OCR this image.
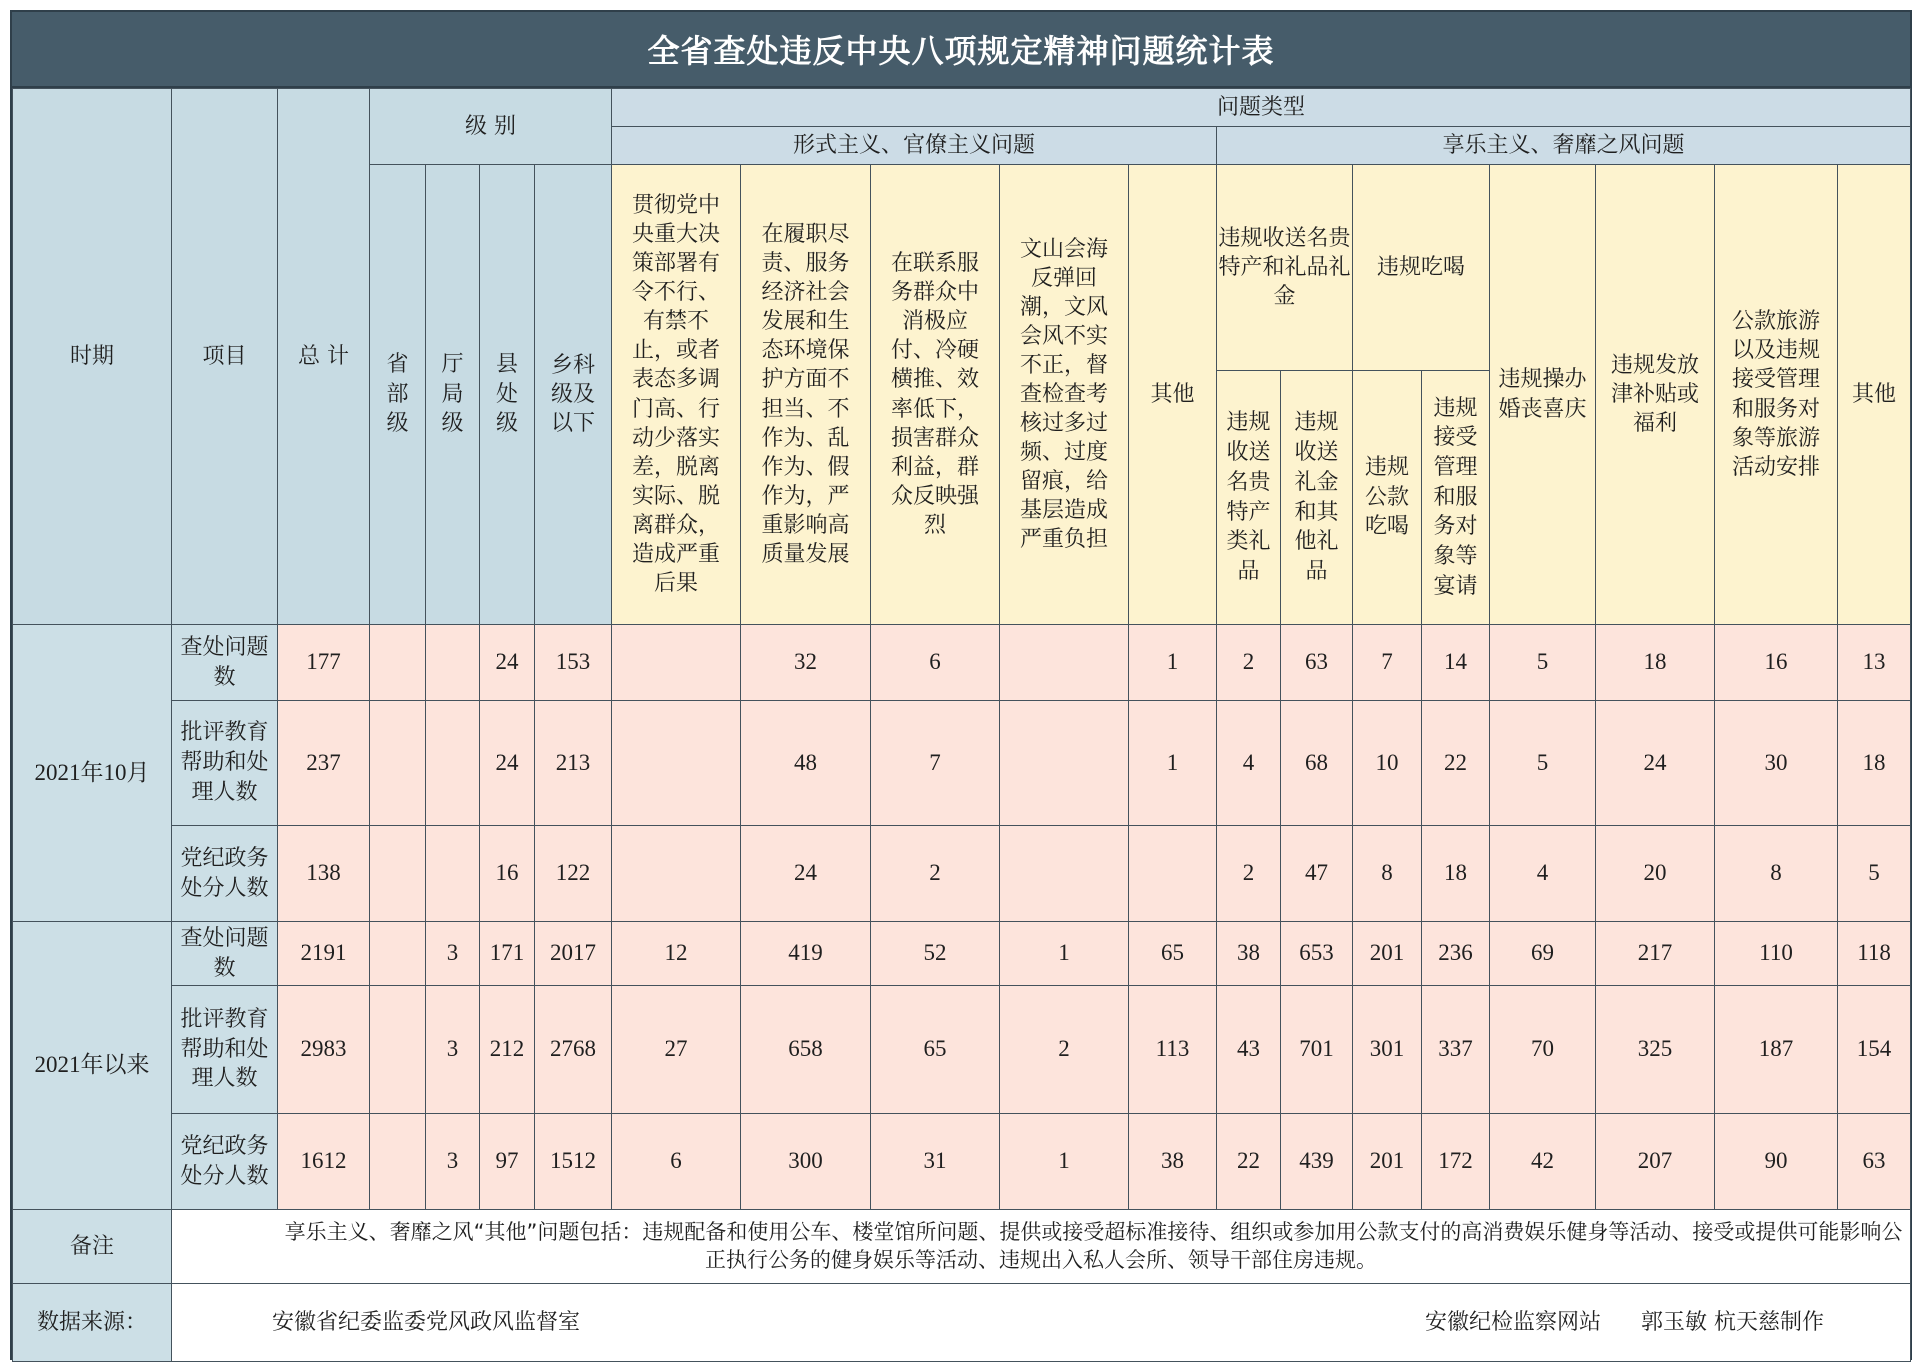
全省查处违反中央八项规定精神问题统计表
时期	项目	总 计	级 别				问题类型												
							形式主义、官僚主义问题					享乐主义、奢靡之风问题							
			省部级	厅局级	县处级	乡科级及以下	贯彻党中央重大决策部署有令不行、有禁不止，或者表态多调门高、行动少落实差，脱离实际、脱离群众，造成严重后果	在履职尽责、服务经济社会发展和生态环境保护方面不担当、不作为、乱作为、假作为，严重影响高质量发展	在联系服务群众中消极应付、冷硬横推、效率低下，损害群众利益，群众反映强烈	文山会海反弹回潮，文风会风不实不正，督查检查考核过多过频、过度留痕，给基层造成严重负担	其他	违规收送名贵特产和礼品礼金		违规吃喝		违规操办婚丧喜庆	违规发放津补贴或福利	公款旅游以及违规接受管理和服务对象等旅游活动安排	其他
												违规收送名贵特产类礼品	违规收送礼金和其他礼品	违规公款吃喝	违规接受管理和服务对象等宴请				
2021年10月	查处问题数	177			24	153		32	6		1	2	63	7	14	5	18	16	13
	批评教育帮助和处理人数	237			24	213		48	7		1	4	68	10	22	5	24	30	18
	党纪政务处分人数	138			16	122		24	2			2	47	8	18	4	20	8	5
2021年以来	查处问题数	2191		3	171	2017	12	419	52	1	65	38	653	201	236	69	217	110	118
	批评教育帮助和处理人数	2983		3	212	2768	27	658	65	2	113	43	701	301	337	70	325	187	154
	党纪政务处分人数	1612		3	97	1512	6	300	31	1	38	22	439	201	172	42	207	90	63
备注	享乐主义、奢靡之风“其他”问题包括：违规配备和使用公车、楼堂馆所问题、提供或接受超标准接待、组织或参加用公款支付的高消费娱乐健身等活动、接受或提供可能影响公正执行公务的健身娱乐等活动、违规出入私人会所、领导干部住房违规。																		
数据来源：	安徽省纪委监委党风政风监督室 安徽纪检监察网站 郭玉敏 杭天慈制作																		
